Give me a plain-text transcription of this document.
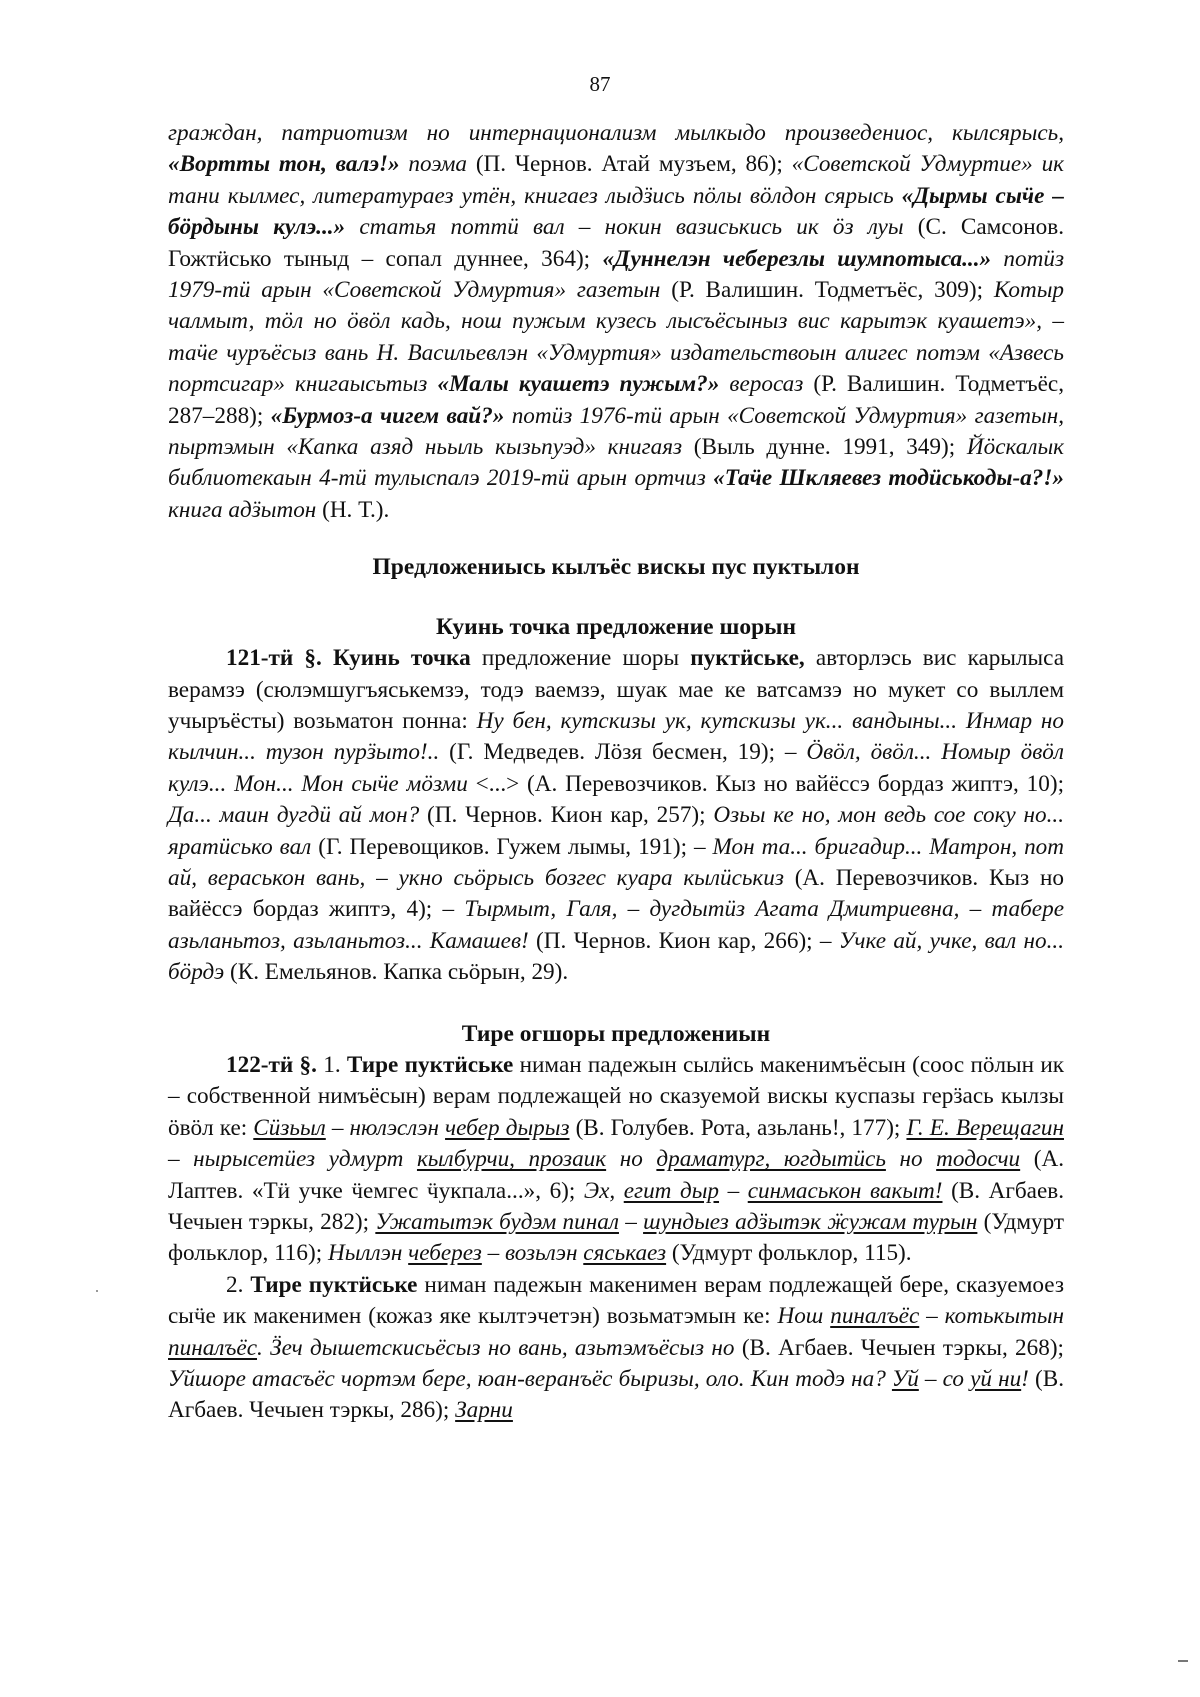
87

граждан, патриотизм но интернационализм мылкыдо произведениос, кылсярысь, «Вортты тон, валэ!» поэма (П. Чернов. Атай музъем, 86); «Советской Удмуртие» ик тани кылмес, литератураез утён, книгаез лыдӟись пӧлы вӧлдон сярысь «Дырмы сыӵе – бӧрдыны кулэ...» статья поттӥ вал – нокин вазиськись ик ӧз луы (С. Самсонов. Гожтӥсько тыныд – сопал дуннее, 364); «Дуннелэн чеберезлы шумпотыса...» потӥз 1979-тӥ арын «Советской Удмуртия» газетын (Р. Валишин. Тодметъёс, 309); Котыр чалмыт, тӧл но ӧвӧл кадь, нош пужым кузесь лысъёсыныз вис карытэк куашетэ», – таӵе чуръёсыз вань Н. Васильевлэн «Удмуртия» издательствоын алигес потэм «Азвесь портсигар» книгаысьтыз «Малы куашетэ пужым?» веросаз (Р. Валишин. Тодметъёс, 287–288); «Бурмоз-а чигем вай?» потӥз 1976-тӥ арын «Советской Удмуртия» газетын, пыртэмын «Капка азяд ньыль кызьпуэд» книгаяз (Выль дунне. 1991, 349); Йӧскалык библиотекаын 4-тӥ тулыспалэ 2019-тӥ арын ортчиз «Таӵе Шкляевез тодӥськоды-а?!» книга адӟытон (Н. Т.).

Предложениысь кылъёс вискы пус пуктылон
Куинь точка предложение шорын

121-тӥ §. Куинь точка предложение шоры пуктӥське, авторлэсь вис карылыса верамзэ (сюлэмшугъяськемзэ, тодэ ваемзэ, шуак мае ке ватсамзэ но мукет со выллем учыръёсты) возьматон понна: Ну бен, кутскизы ук, кутскизы ук... вандыны... Инмар но кылчин... тузон пурӟыто!.. (Г. Медведев. Лӧзя бесмен, 19); – Ӧвӧл, ӧвӧл... Номыр ӧвӧл кулэ... Мон... Мон сыӵе мӧзми <...> (А. Перевозчиков. Кыз но вайёссэ бордаз жиптэ, 10); Да... маин дугдӥ ай мон? (П. Чернов. Кион кар, 257); Озьы ке но, мон ведь сое соку но... яратӥсько вал (Г. Перевощиков. Гужем лымы, 191); – Мон та... бригадир... Матрон, пот ай, вераськон вань, – укно сьӧрысь бозгес куара кылӥськиз (А. Перевозчиков. Кыз но вайёссэ бордаз жиптэ, 4); – Тырмыт, Галя, – дугдытӥз Агата Дмитриевна, – табере азьланьтоз, азьланьтоз... Камашев! (П. Чернов. Кион кар, 266); – Учке ай, учке, вал но... бӧрдэ (К. Емельянов. Капка сьӧрын, 29).

Тире огшоры предложениын

122-тӥ §. 1. Тире пуктӥське ниман падежын сылӥсь макенимъёсын (соос пӧлын ик – собственной нимъёсын) верам подлежащей но сказуемой вискы куспазы герӟась кылзы ӧвӧл ке: Сӥзьыл – нюлэслэн чебер дырыз (В. Голубев. Рота, азьлань!, 177); Г. Е. Верещагин – нырысетӥез удмурт кылбурчи, прозаик но драматург, югдытӥсь но тодосчи (А. Лаптев. «Тӥ учке ӵемгес ӵукпала...», 6); Эх, егит дыр – синмаськон вакыт! (В. Агбаев. Чечыен тэркы, 282); Ужатытэк будэм пинал – шундыез адӟытэк ӝужам турын (Удмурт фольклор, 116); Ныллэн чеберез – возьлэн сяськаез (Удмурт фольклор, 115).

2. Тире пуктӥське ниман падежын макенимен верам подлежащей бере, сказуемоез сыӵе ик макенимен (кожаз яке кылтэчетэн) возьматэмын ке: Нош пиналъёс – котькытын пиналъёс. Ӟеч дышетскисьёсыз но вань, азьтэмъёсыз но (В. Агбаев. Чечыен тэркы, 268); Уйшоре атасъёс чортэм бере, юан-веранъёс быризы, оло. Кин тодэ на? Уй – со уй ни! (В. Агбаев. Чечыен тэркы, 286); Зарни
